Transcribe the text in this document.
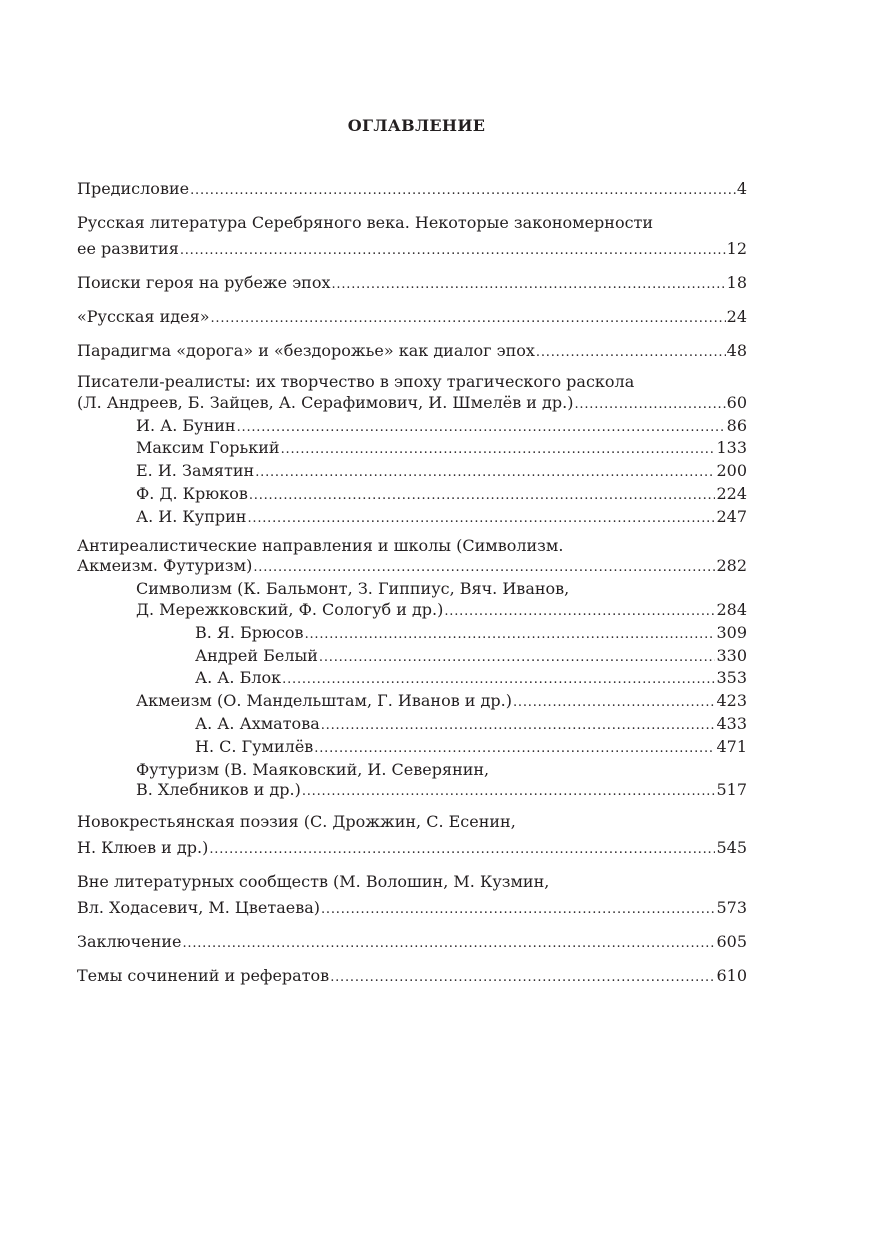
ОГЛАВЛЕНИЕ
Предисловие .....	4
Русская литература Серебряного века. Некоторые закономерности
ее развития .....	12
Поиски героя на рубеже эпох .....	18
«Русская идея» .....	24
Парадигма «дорога» и «бездорожье» как диалог эпох .....	48
Писатели-реалисты: их творчество в эпоху трагического раскола
(Л. Андреев, Б. Зайцев, А. Серафимович, И. Шмелёв и др.) .....	60
И. А. Бунин .....	86
Максим Горький .....	133
Е. И. Замятин .....	200
Ф. Д. Крюков .....	224
А. И. Куприн .....	247
Антиреалистические направления и школы (Символизм.
Акмеизм. Футуризм) .....	282
Символизм (К. Бальмонт, З. Гиппиус, Вяч. Иванов,
Д. Мережковский, Ф. Сологуб и др.) .....	284
В. Я. Брюсов .....	309
Андрей Белый .....	330
А. А. Блок .....	353
Акмеизм (О. Мандельштам, Г. Иванов и др.) .....	423
А. А. Ахматова .....	433
Н. С. Гумилёв .....	471
Футуризм (В. Маяковский, И. Северянин,
В. Хлебников и др.) .....	517
Новокрестьянская поэзия (С. Дрожжин, С. Есенин,
Н. Клюев и др.) .....	545
Вне литературных сообществ (М. Волошин, М. Кузмин,
Вл. Ходасевич, М. Цветаева) .....	573
Заключение .....	605
Темы сочинений и рефератов .....	610
